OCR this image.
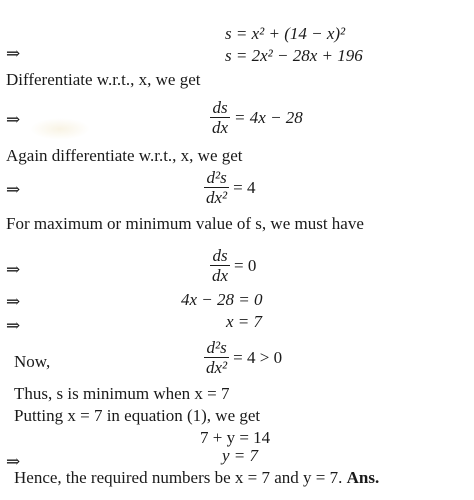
s = x² + (14 − x)²
⇒	s = 2x² − 28x + 196
Differentiate w.r.t., x, we get
⇒	$\frac{ds}{dx} = 4x - 28$
Again differentiate w.r.t., x, we get
⇒	$\frac{\text{d²s}}{\text{dx²}} = 4$
For maximum or minimum value of s, we must have
⇒	$\frac{ds}{dx} = 0$
⇒	4x − 28 = 0
⇒	x = 7
Now,	$\frac{\text{d²s}}{\text{dx²}} = 4 > 0$
Thus, s is minimum when x = 7
Putting x = 7 in equation (1), we get
7 + y = 14
⇒	y = 7
Hence, the required numbers be x = 7 and y = 7. Ans.
